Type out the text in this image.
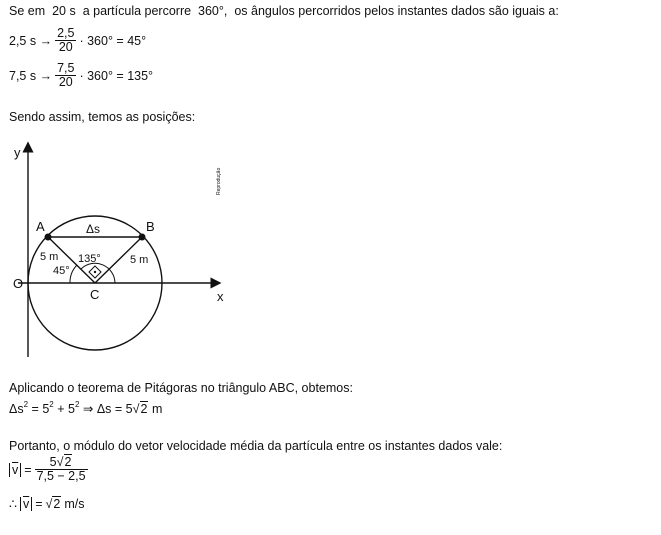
Se em 20 s a partícula percorre 360°, os ângulos percorridos pelos instantes dados são iguais a:
2,5 $s \to \frac{2,5}{20} \cdot 360^\circ = 45^\circ$
7,5 $s \to \frac{7,5}{20} \cdot 360^\circ = 135^\circ$
Sendo assim, temos as posições:
y
x
O
C
A	B
Δs
5 m	5 m
45°
135°
Reprodução
Aplicando o teorema de Pitágoras no triângulo ABC, obtemos:
$\Delta s^2 = 5^2 + 5^2$ ⇒ Δs = 5√2 m
Portanto, o módulo do vetor velocidade média da partícula entre os instantes dados vale:
$\overline{v} = \frac{5√2}{7,5 - 2,5}$
∴ $\overline{v} = √2$ m/s
